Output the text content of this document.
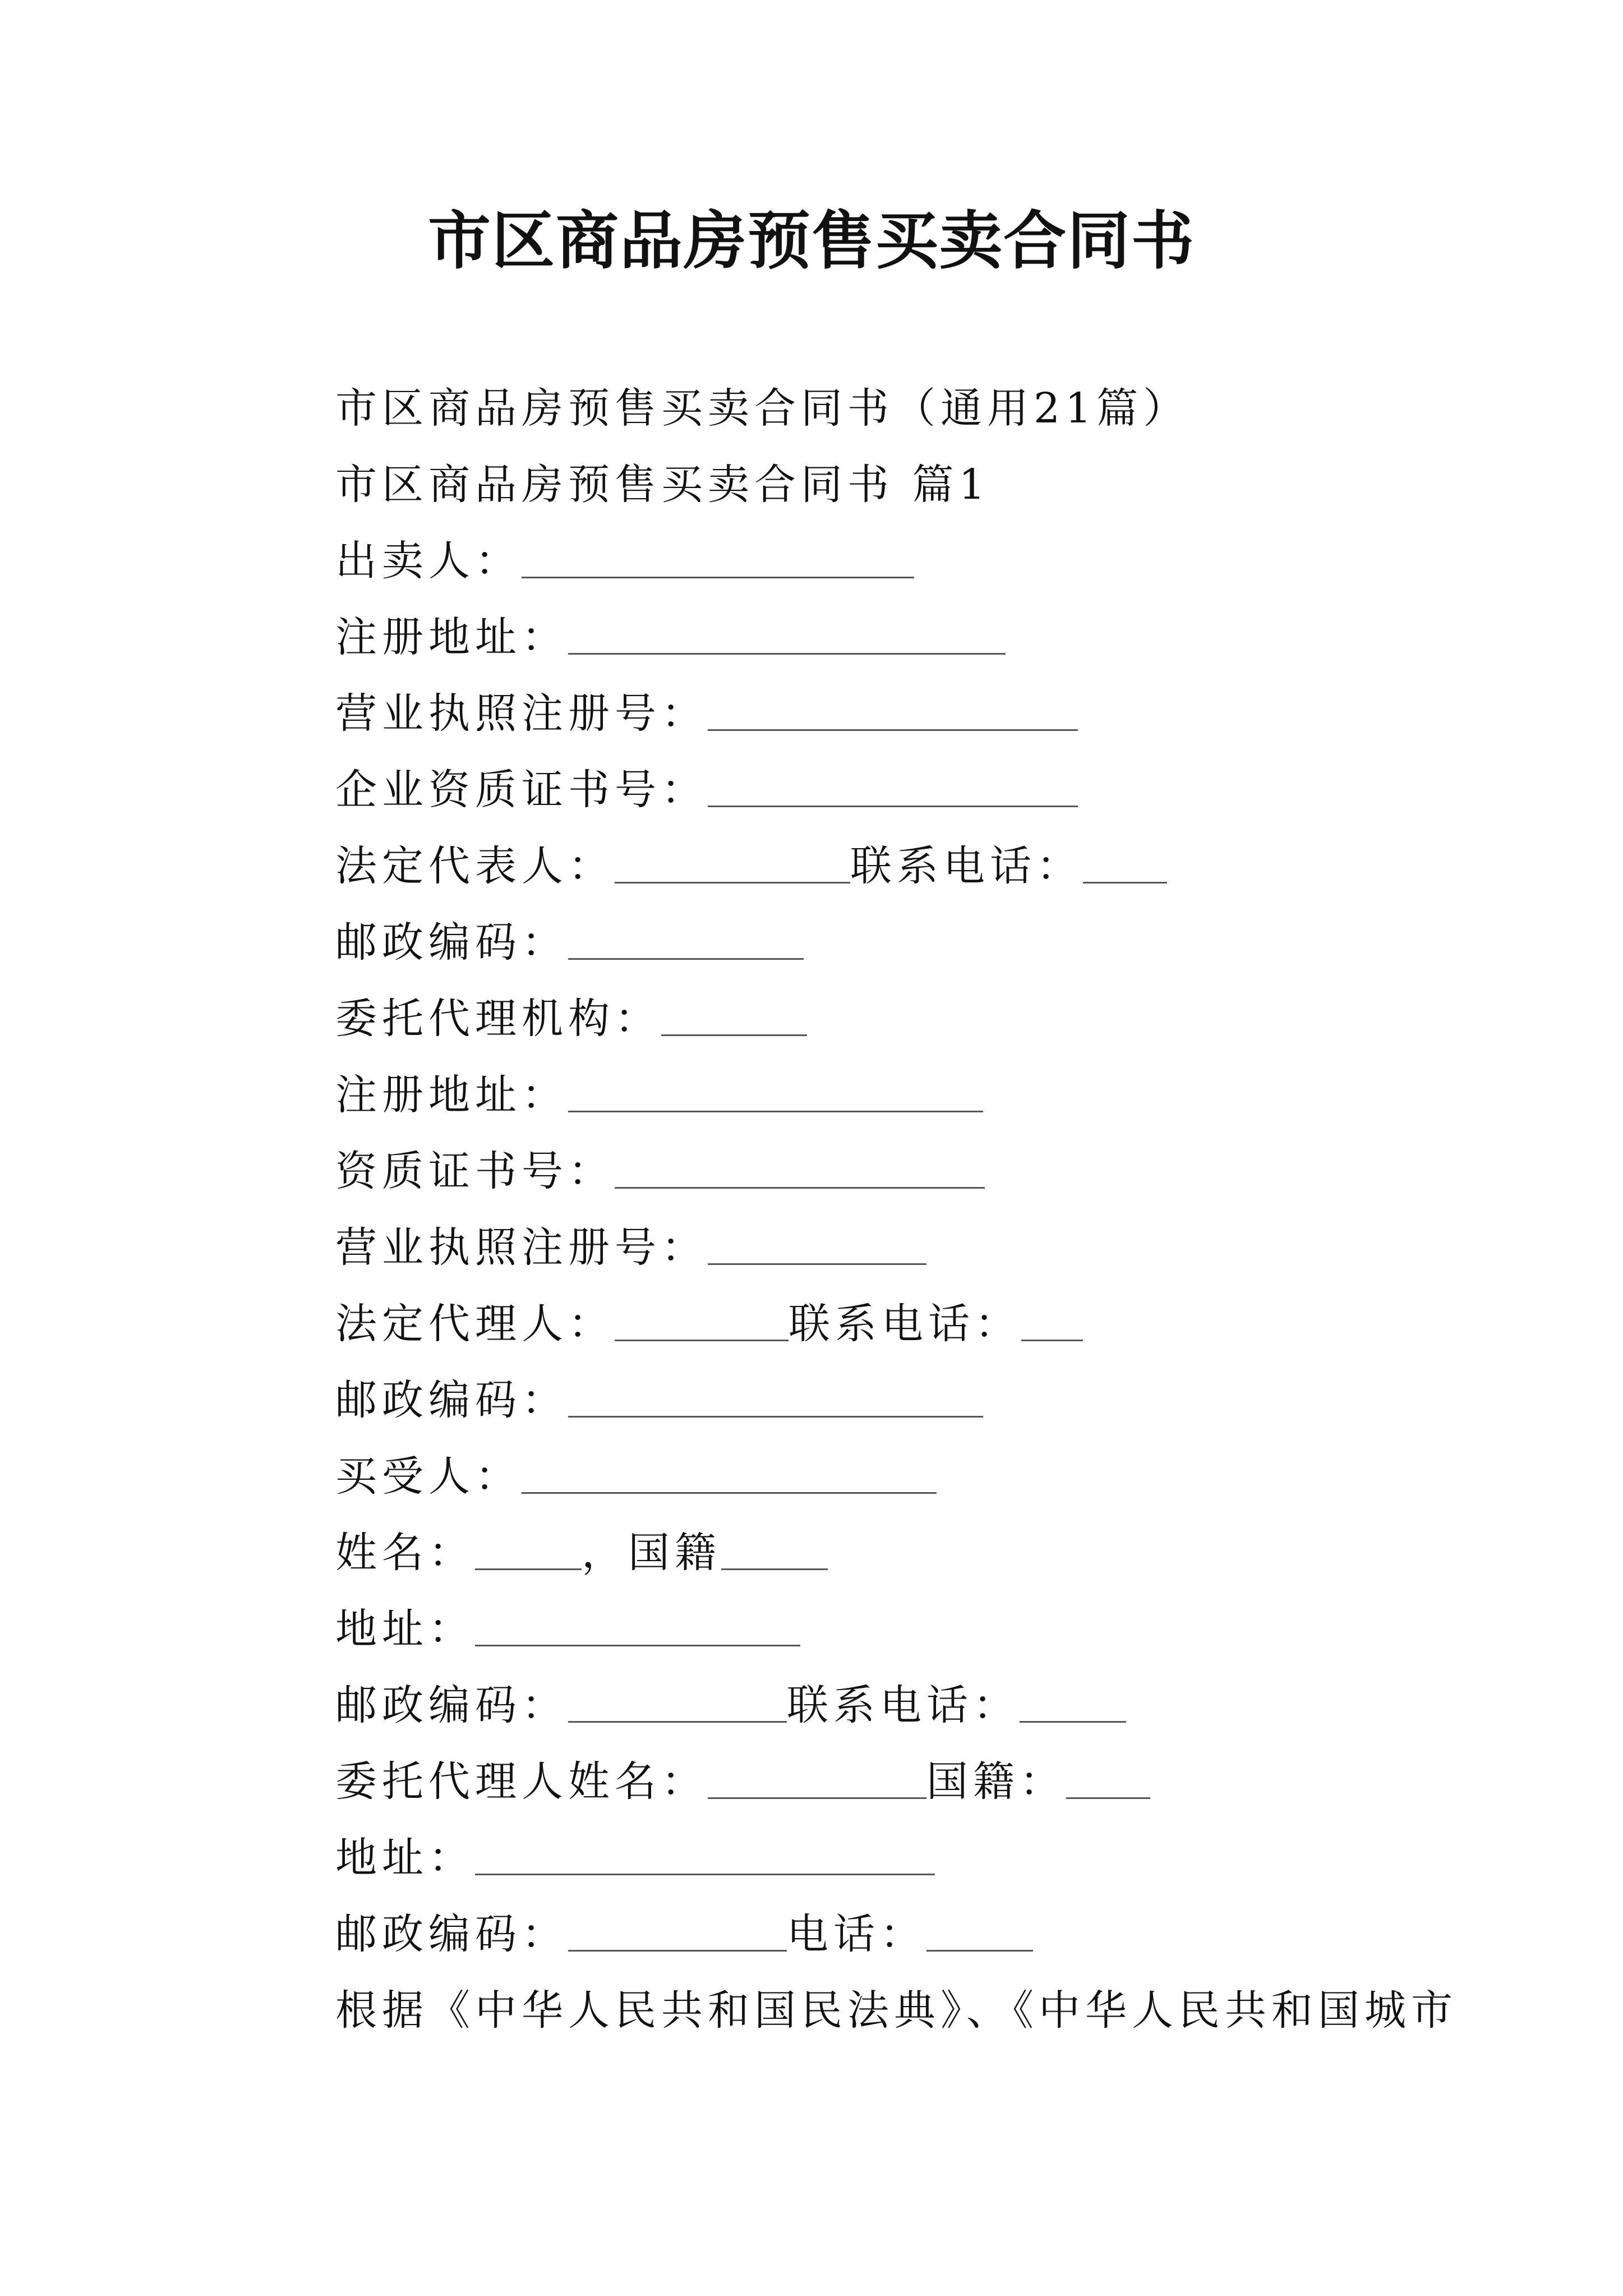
市区商品房预售买卖合同书
市区商品房预售买卖合同书（通用21篇）
市区商品房预售买卖合同书 篇1
出卖人：
注册地址：
营业执照注册号：
企业资质证书号：
法定代表人：	联系电话：
邮政编码：
委托代理机构：
注册地址：
资质证书号：
营业执照注册号：
法定代理人：	联系电话：
邮政编码：
买受人：
姓名：	，国籍
地址：
邮政编码：	联系电话：
委托代理人姓名：	国籍：
地址：
邮政编码：	电话：
根据《中华人民共和国民法典》、《中华人民共和国城市
